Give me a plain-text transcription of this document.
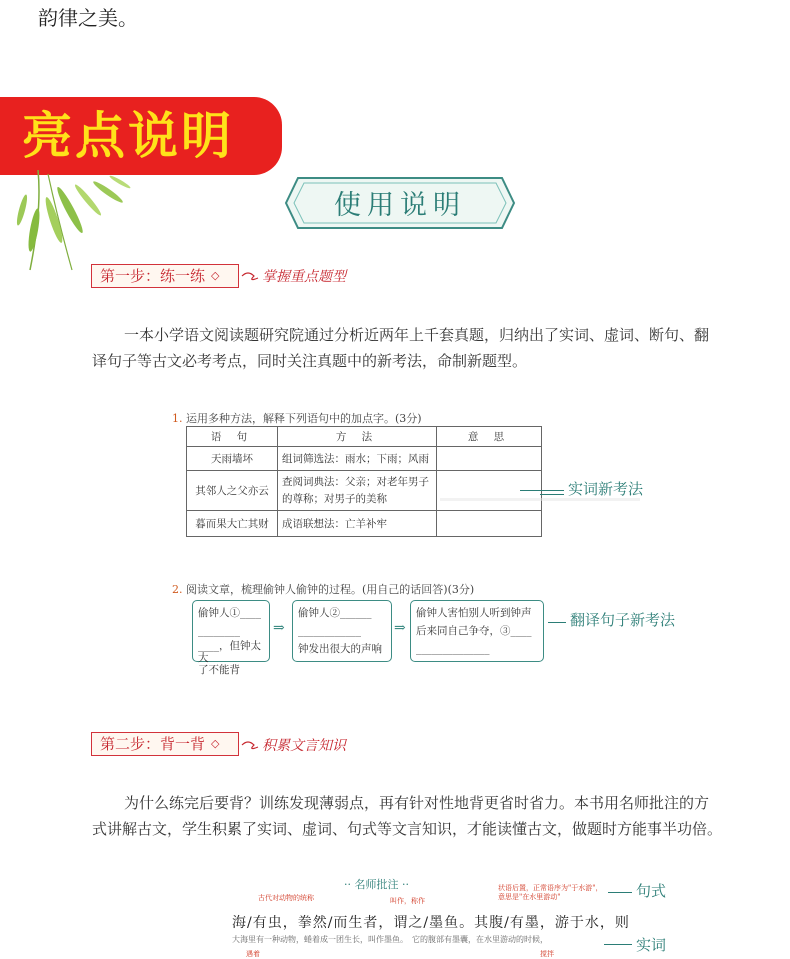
韵律之美。
亮点说明
使用说明
第一步：练一练 ◇	掌握重点题型
一本小学语文阅读题研究院通过分析近两年上千套真题，归纳出了实词、虚词、断句、翻译句子等古文必考考点，同时关注真题中的新考法，命制新题型。
1. 运用多种方法，解释下列语句中的加点字。(3分)
语 句	方 法	意 思
天雨墙坏	组词筛选法：雨水；下雨；风雨	
其邻人之父亦云	查阅词典法：父亲；对老年男子的尊称；对男子的美称	
暮而果大亡其财	成语联想法：亡羊补牢	
实词新考法
2. 阅读文章，梳理偷钟人偷钟的过程。(用自己的话回答)(3分)
偷钟人①____
________
____，但钟太大
了不能背
⇒
偷钟人②______
____________
钟发出很大的声响
⇒
偷钟人害怕别人听到钟声
后来同自己争夺，③____
______________
翻译句子新考法
第二步：背一背 ◇	积累文言知识
为什么练完后要背？训练发现薄弱点，再有针对性地背更省时省力。本书用名师批注的方式讲解古文，学生积累了实词、虚词、句式等文言知识，才能读懂古文，做题时方能事半功倍。
·· 名师批注 ··
古代对动物的统称	叫作，称作
状语后置，正常语序为"于水游"，意思是"在水里游动"	句式
海/有虫，拳然/而生者，谓之/墨鱼。其腹/有墨，游于水，则
大海里有一种动物，蜷着成一团生长，叫作墨鱼。　它的腹部有墨囊，在水里游动的时候，
遇着	搅拌	实词
